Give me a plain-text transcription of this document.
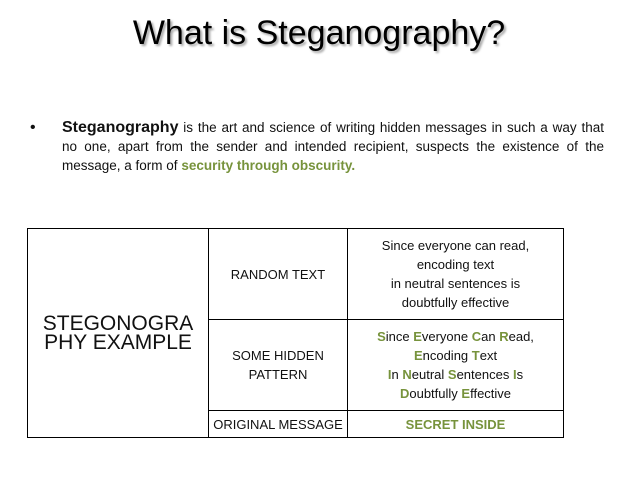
What is Steganography?
• Steganography is the art and science of writing hidden messages in such a way that no one, apart from the sender and intended recipient, suspects the existence of the message, a form of security through obscurity.
STEGONOGRA PHY EXAMPLE	RANDOM TEXT	Since everyone can read,
encoding text
in neutral sentences is
doubtfully effective

	SOME HIDDEN PATTERN	Since Everyone Can Read,
Encoding Text
In Neutral Sentences Is
Doubtfully Effective

	ORIGINAL MESSAGE	SECRET INSIDE
